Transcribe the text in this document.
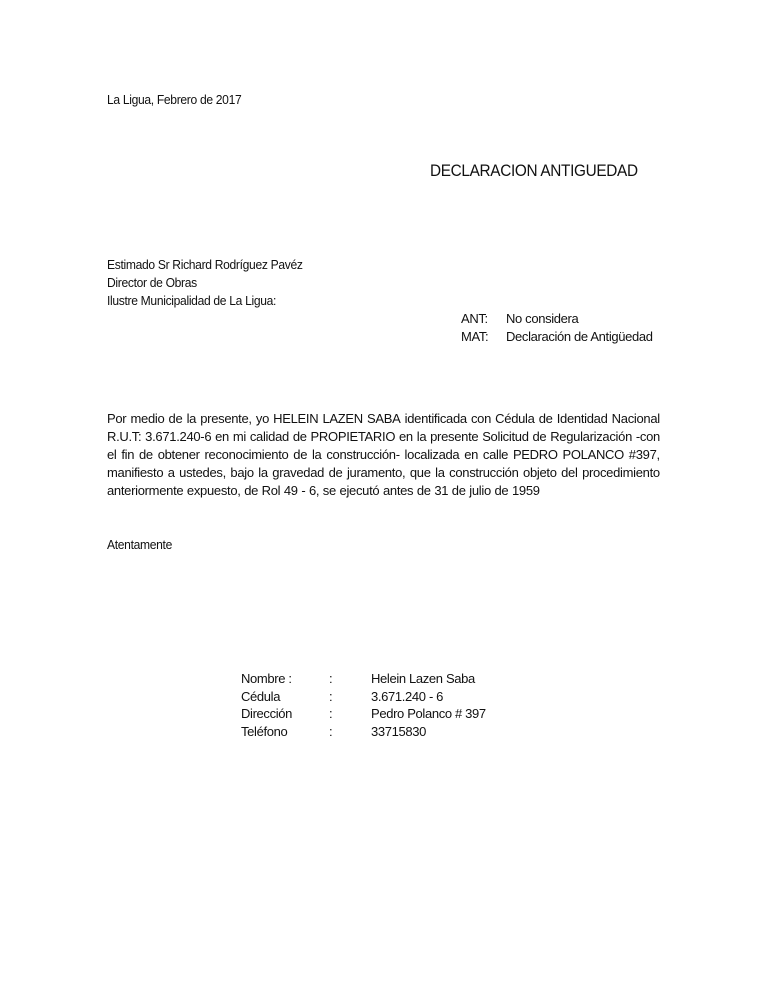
La Ligua, Febrero de 2017
DECLARACION ANTIGUEDAD
Estimado Sr Richard Rodríguez Pavéz
Director de Obras
Ilustre Municipalidad de La Ligua:
ANT: No considera
MAT: Declaración de Antigüedad
Por medio de la presente, yo HELEIN LAZEN SABA identificada con Cédula de Identidad Nacional
R.U.T: 3.671.240-6 en mi calidad de PROPIETARIO en la presente Solicitud de Regularización -con
el fin de obtener reconocimiento de la construcción- localizada en calle PEDRO POLANCO #397,
manifiesto a ustedes, bajo la gravedad de juramento, que la construcción objeto del procedimiento
anteriormente expuesto, de Rol 49 - 6, se ejecutó antes de 31 de julio de 1959
Atentamente
Nombre :	:	Helein Lazen Saba
Cédula	:	3.671.240 - 6
Dirección	:	Pedro Polanco # 397
Teléfono	:	33715830
